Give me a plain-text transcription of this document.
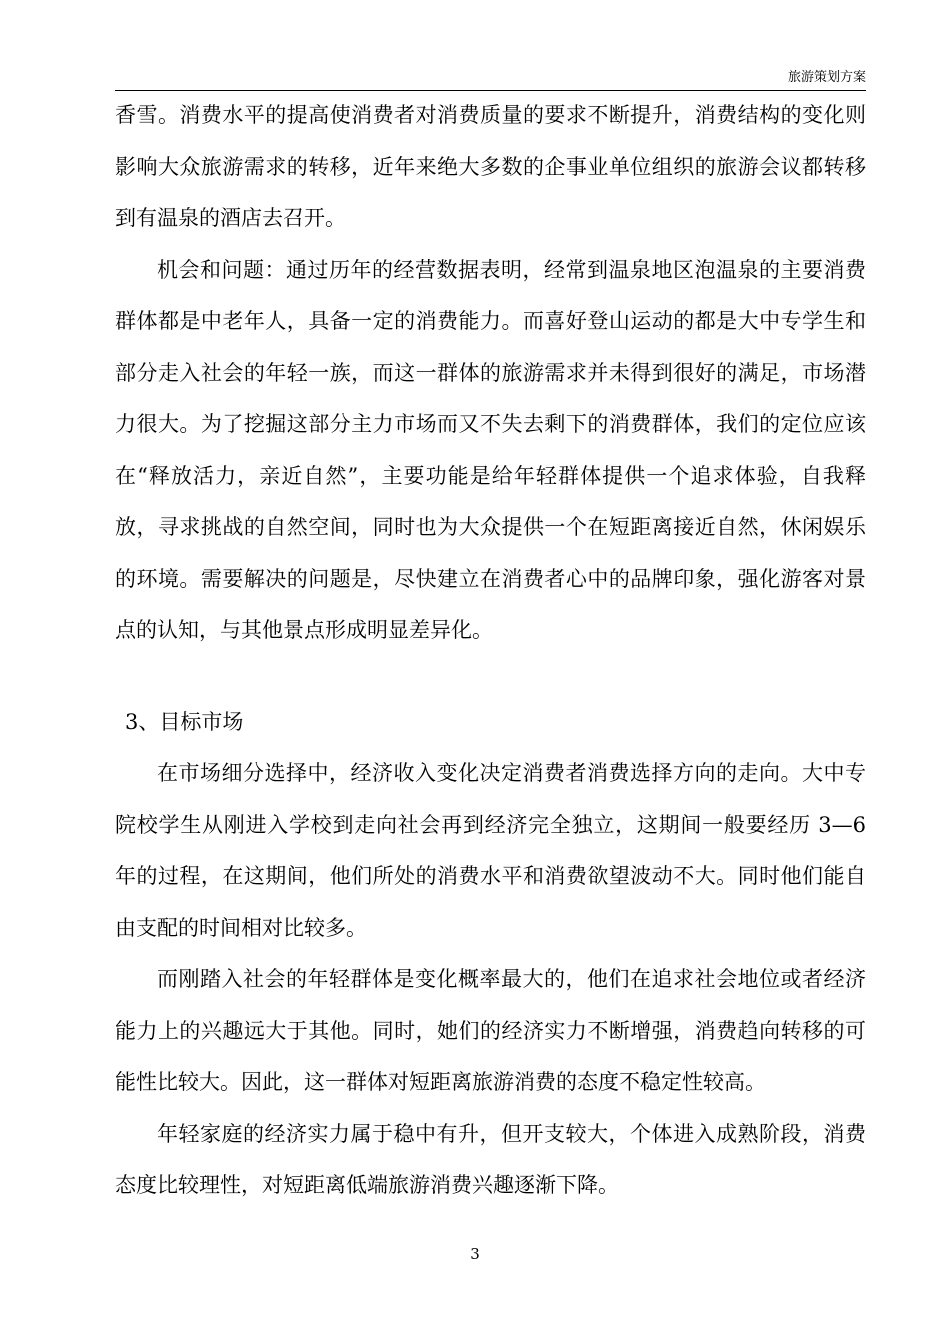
旅游策划方案

香雪。消费水平的提高使消费者对消费质量的要求不断提升，消费结构的变化则影响大众旅游需求的转移，近年来绝大多数的企事业单位组织的旅游会议都转移到有温泉的酒店去召开。

机会和问题：通过历年的经营数据表明，经常到温泉地区泡温泉的主要消费群体都是中老年人，具备一定的消费能力。而喜好登山运动的都是大中专学生和部分走入社会的年轻一族，而这一群体的旅游需求并未得到很好的满足，市场潜力很大。为了挖掘这部分主力市场而又不失去剩下的消费群体，我们的定位应该在“释放活力，亲近自然”，主要功能是给年轻群体提供一个追求体验，自我释放，寻求挑战的自然空间，同时也为大众提供一个在短距离接近自然，休闲娱乐的环境。需要解决的问题是，尽快建立在消费者心中的品牌印象，强化游客对景点的认知，与其他景点形成明显差异化。

3、目标市场

在市场细分选择中，经济收入变化决定消费者消费选择方向的走向。大中专院校学生从刚进入学校到走向社会再到经济完全独立，这期间一般要经历 3—6 年的过程，在这期间，他们所处的消费水平和消费欲望波动不大。同时他们能自由支配的时间相对比较多。

而刚踏入社会的年轻群体是变化概率最大的，他们在追求社会地位或者经济能力上的兴趣远大于其他。同时，她们的经济实力不断增强，消费趋向转移的可能性比较大。因此，这一群体对短距离旅游消费的态度不稳定性较高。

年轻家庭的经济实力属于稳中有升，但开支较大，个体进入成熟阶段，消费态度比较理性，对短距离低端旅游消费兴趣逐渐下降。

3
